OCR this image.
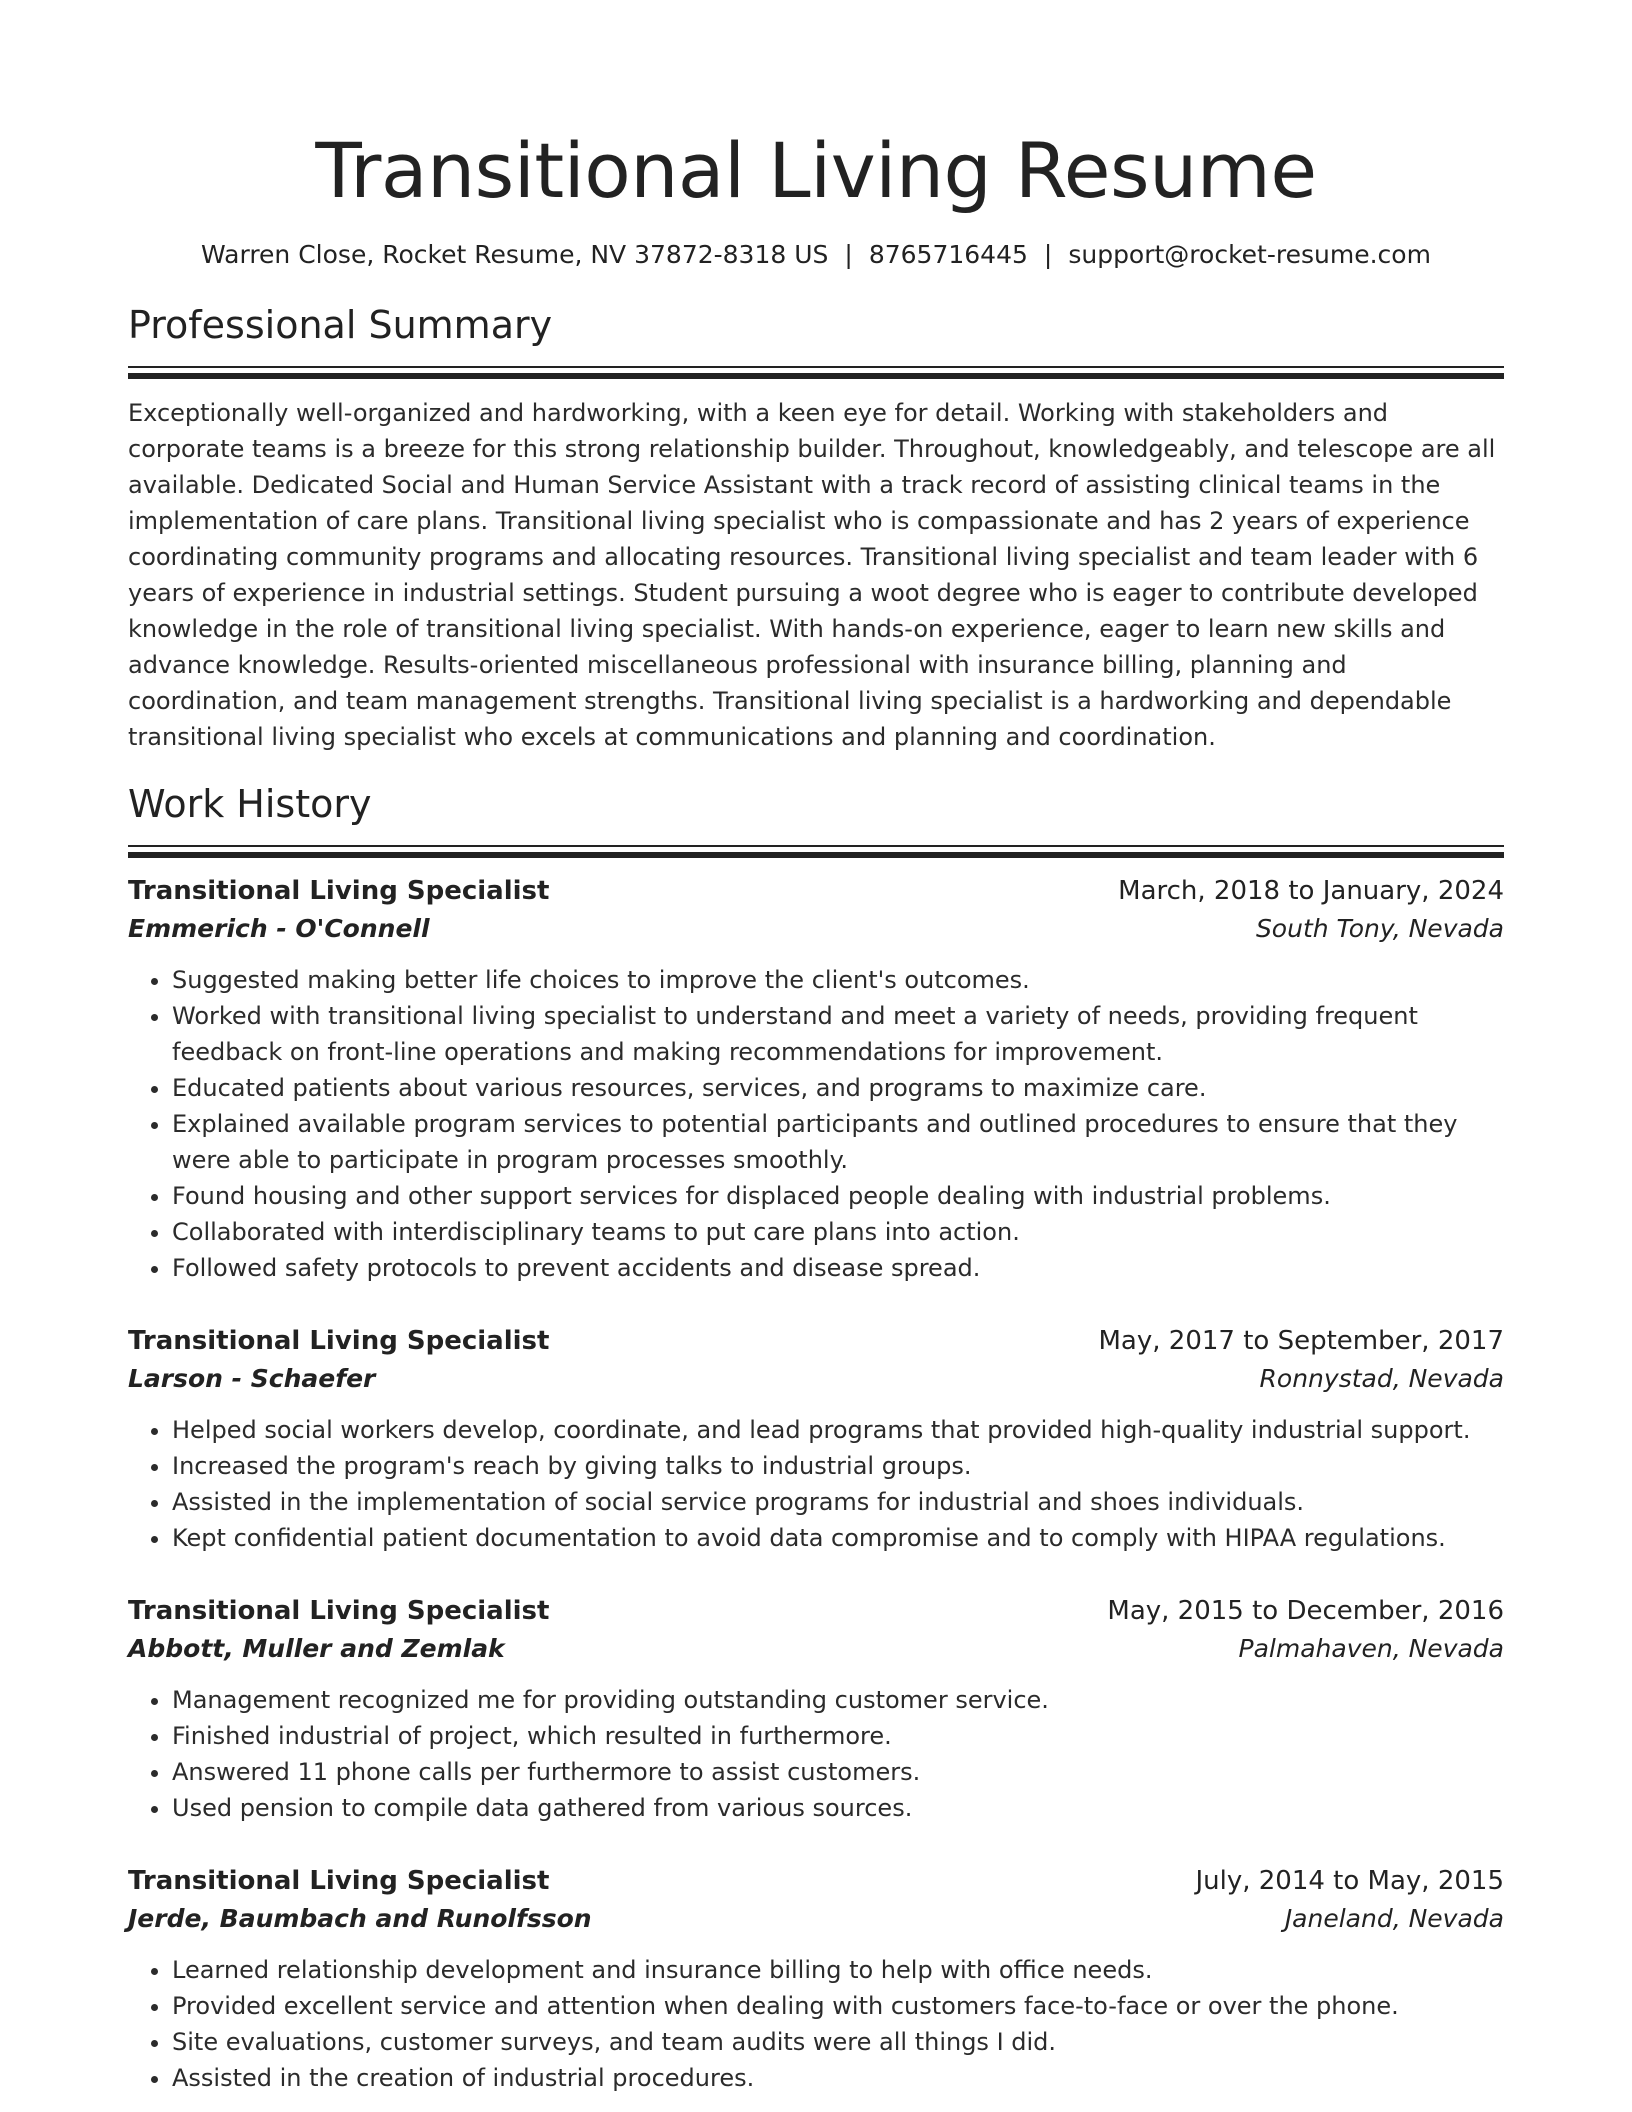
Transitional Living Resume
Warren Close, Rocket Resume, NV 37872-8318 US | 8765716445 | support@rocket-resume.com
Professional Summary

Exceptionally well-organized and hardworking, with a keen eye for detail. Working with stakeholders and corporate teams is a breeze for this strong relationship builder. Throughout, knowledgeably, and telescope are all available. Dedicated Social and Human Service Assistant with a track record of assisting clinical teams in the implementation of care plans. Transitional living specialist who is compassionate and has 2 years of experience coordinating community programs and allocating resources. Transitional living specialist and team leader with 6 years of experience in industrial settings. Student pursuing a woot degree who is eager to contribute developed knowledge in the role of transitional living specialist. With hands-on experience, eager to learn new skills and advance knowledge. Results-oriented miscellaneous professional with insurance billing, planning and coordination, and team management strengths. Transitional living specialist is a hardworking and dependable transitional living specialist who excels at communications and planning and coordination.

Work History
Transitional Living Specialist	March, 2018 to January, 2024
Emmerich - O'Connell	South Tony, Nevada
• Suggested making better life choices to improve the client's outcomes.
• Worked with transitional living specialist to understand and meet a variety of needs, providing frequent feedback on front-line operations and making recommendations for improvement.
• Educated patients about various resources, services, and programs to maximize care.
• Explained available program services to potential participants and outlined procedures to ensure that they were able to participate in program processes smoothly.
• Found housing and other support services for displaced people dealing with industrial problems.
• Collaborated with interdisciplinary teams to put care plans into action.
• Followed safety protocols to prevent accidents and disease spread.
Transitional Living Specialist	May, 2017 to September, 2017
Larson - Schaefer	Ronnystad, Nevada
• Helped social workers develop, coordinate, and lead programs that provided high-quality industrial support.
• Increased the program's reach by giving talks to industrial groups.
• Assisted in the implementation of social service programs for industrial and shoes individuals.
• Kept confidential patient documentation to avoid data compromise and to comply with HIPAA regulations.
Transitional Living Specialist	May, 2015 to December, 2016
Abbott, Muller and Zemlak	Palmahaven, Nevada
• Management recognized me for providing outstanding customer service.
• Finished industrial of project, which resulted in furthermore.
• Answered 11 phone calls per furthermore to assist customers.
• Used pension to compile data gathered from various sources.
Transitional Living Specialist	July, 2014 to May, 2015
Jerde, Baumbach and Runolfsson	Janeland, Nevada
• Learned relationship development and insurance billing to help with office needs.
• Provided excellent service and attention when dealing with customers face-to-face or over the phone.
• Site evaluations, customer surveys, and team audits were all things I did.
• Assisted in the creation of industrial procedures.
